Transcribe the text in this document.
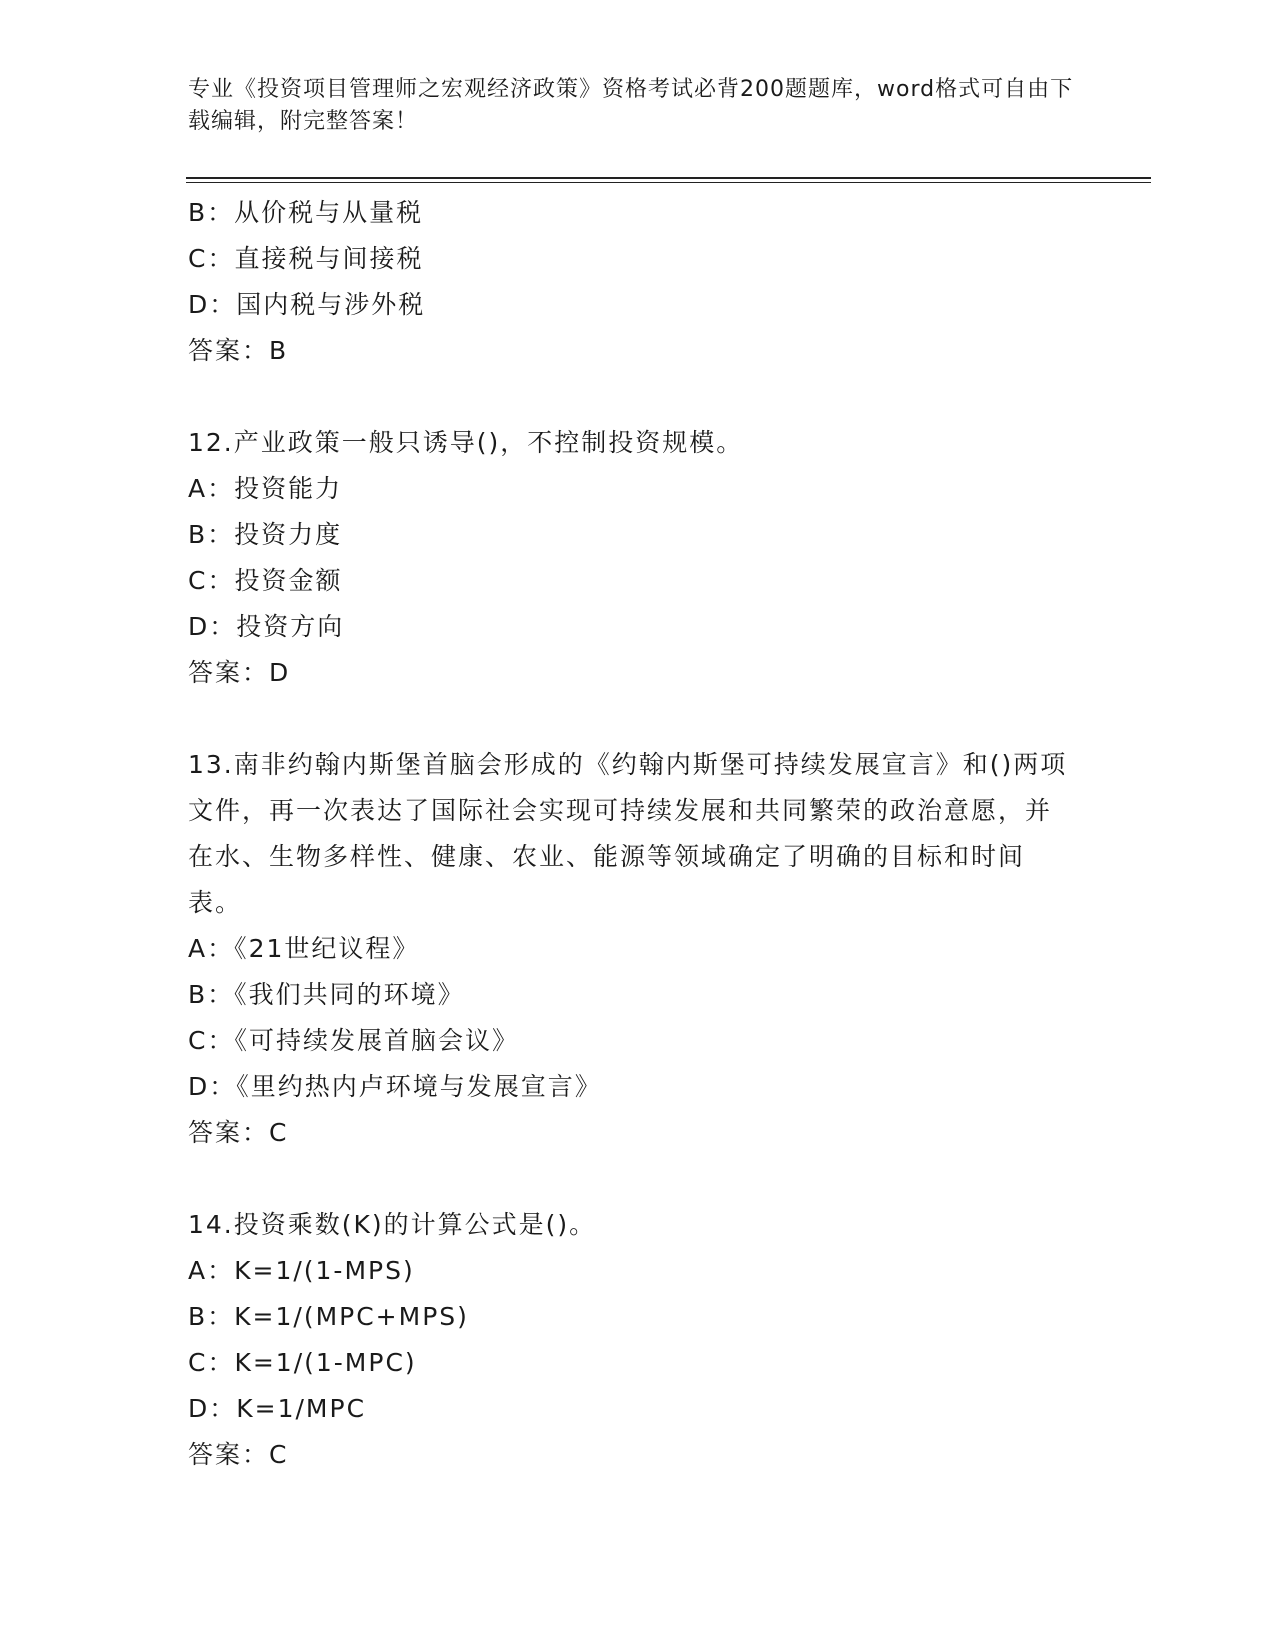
专业《投资项目管理师之宏观经济政策》资格考试必背200题题库，word格式可自由下载编辑，附完整答案！
B：从价税与从量税
C：直接税与间接税
D：国内税与涉外税
答案：B
12.产业政策一般只诱导()，不控制投资规模。
A：投资能力
B：投资力度
C：投资金额
D：投资方向
答案：D
13.南非约翰内斯堡首脑会形成的《约翰内斯堡可持续发展宣言》和()两项文件，再一次表达了国际社会实现可持续发展和共同繁荣的政治意愿，并在水、生物多样性、健康、农业、能源等领域确定了明确的目标和时间表。
A：《21世纪议程》
B：《我们共同的环境》
C：《可持续发展首脑会议》
D：《里约热内卢环境与发展宣言》
答案：C
14.投资乘数(K)的计算公式是()。
A：K=1/(1-MPS)
B：K=1/(MPC+MPS)
C：K=1/(1-MPC)
D：K=1/MPC
答案：C
